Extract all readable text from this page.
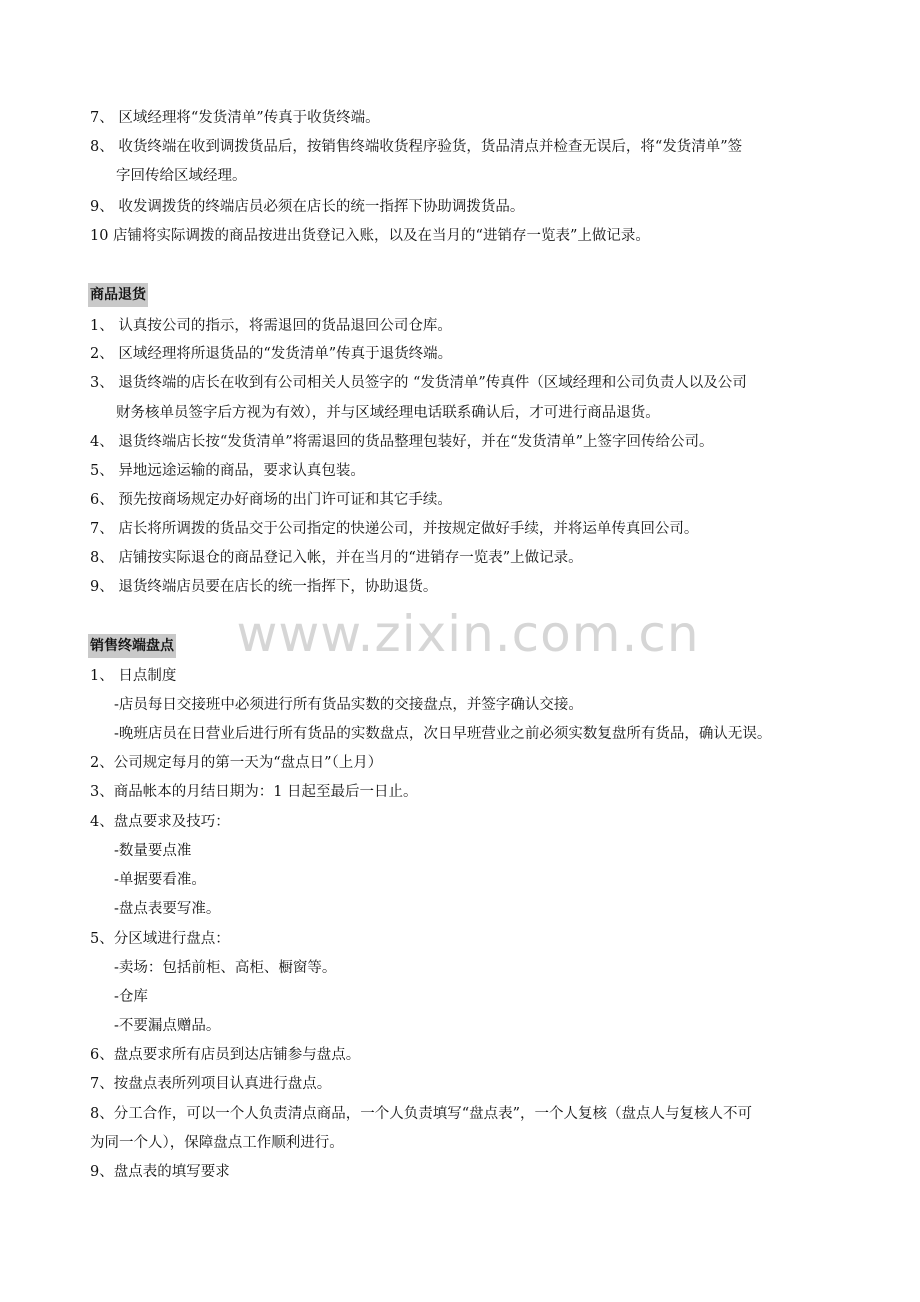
7、 区域经理将“发货清单”传真于收货终端。
8、 收货终端在收到调拨货品后，按销售终端收货程序验货，货品清点并检查无误后，将“发货清单”签
字回传给区域经理。
9、 收发调拨货的终端店员必须在店长的统一指挥下协助调拨货品。
10 店铺将实际调拨的商品按进出货登记入账，以及在当月的“进销存一览表”上做记录。
商品退货
1、 认真按公司的指示，将需退回的货品退回公司仓库。
2、 区域经理将所退货品的“发货清单”传真于退货终端。
3、 退货终端的店长在收到有公司相关人员签字的 “发货清单”传真件（区域经理和公司负责人以及公司
财务核单员签字后方视为有效），并与区域经理电话联系确认后，才可进行商品退货。
4、 退货终端店长按“发货清单”将需退回的货品整理包装好，并在“发货清单”上签字回传给公司。
5、 异地远途运输的商品，要求认真包装。
6、 预先按商场规定办好商场的出门许可证和其它手续。
7、 店长将所调拨的货品交于公司指定的快递公司，并按规定做好手续，并将运单传真回公司。
8、 店铺按实际退仓的商品登记入帐，并在当月的“进销存一览表”上做记录。
9、 退货终端店员要在店长的统一指挥下，协助退货。
销售终端盘点
1、 日点制度
-店员每日交接班中必须进行所有货品实数的交接盘点，并签字确认交接。
-晚班店员在日营业后进行所有货品的实数盘点，次日早班营业之前必须实数复盘所有货品，确认无误。
2、公司规定每月的第一天为“盘点日”（上月）
3、商品帐本的月结日期为：1 日起至最后一日止。
4、盘点要求及技巧：
-数量要点准
-单据要看准。
-盘点表要写准。
5、分区域进行盘点：
-卖场：包括前柜、高柜、橱窗等。
-仓库
-不要漏点赠品。
6、盘点要求所有店员到达店铺参与盘点。
7、按盘点表所列项目认真进行盘点。
8、分工合作，可以一个人负责清点商品，一个人负责填写“盘点表”，一个人复核（盘点人与复核人不可
为同一个人），保障盘点工作顺利进行。
9、盘点表的填写要求
www.zixin.com.cn
